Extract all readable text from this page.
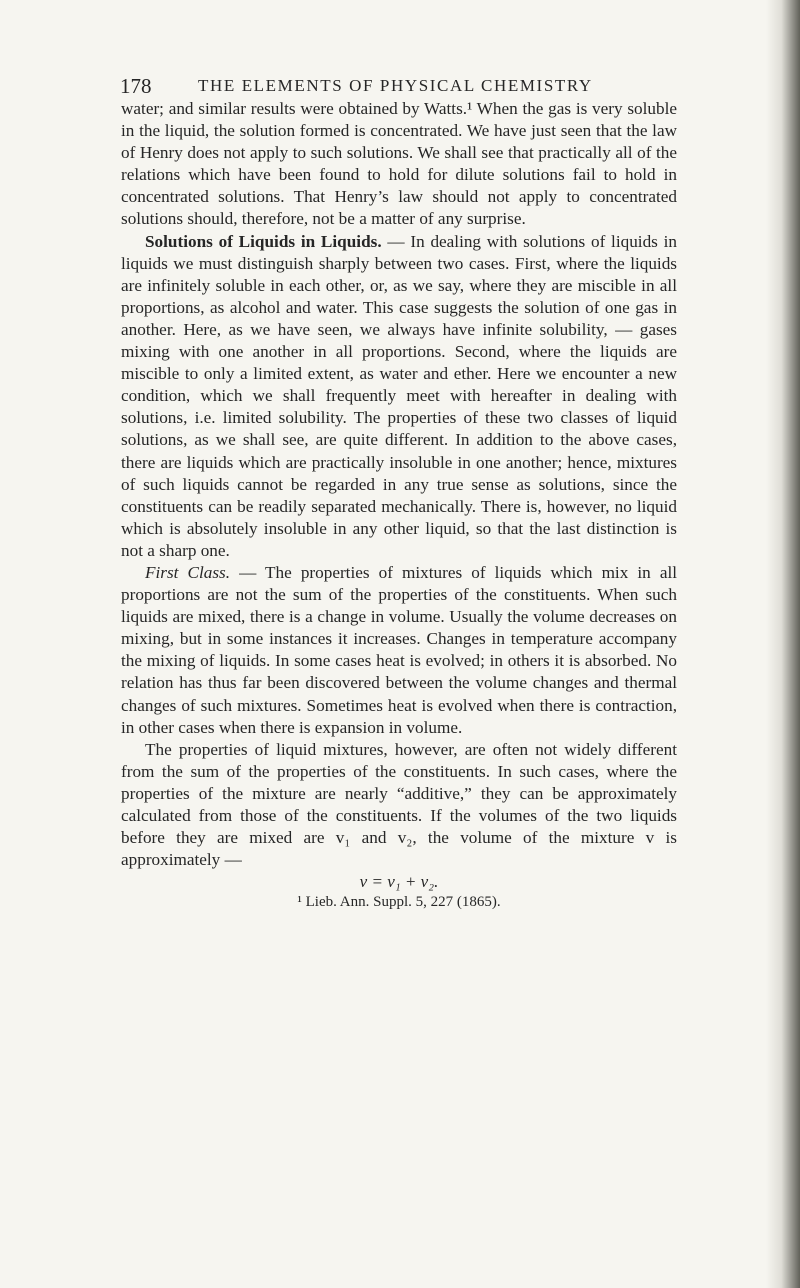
178	THE ELEMENTS OF PHYSICAL CHEMISTRY

water; and similar results were obtained by Watts.¹ When the gas is very soluble in the liquid, the solution formed is concentrated. We have just seen that the law of Henry does not apply to such solutions. We shall see that practically all of the relations which have been found to hold for dilute solutions fail to hold in concentrated solutions. That Henry’s law should not apply to concentrated solutions should, therefore, not be a matter of any surprise.

Solutions of Liquids in Liquids. — In dealing with solutions of liquids in liquids we must distinguish sharply between two cases. First, where the liquids are infinitely soluble in each other, or, as we say, where they are miscible in all proportions, as alcohol and water. This case suggests the solution of one gas in another. Here, as we have seen, we always have infinite solubility, — gases mixing with one another in all proportions. Second, where the liquids are miscible to only a limited extent, as water and ether. Here we encounter a new condition, which we shall frequently meet with hereafter in dealing with solutions, i.e. limited solubility. The properties of these two classes of liquid solutions, as we shall see, are quite different. In addition to the above cases, there are liquids which are practically insoluble in one another; hence, mixtures of such liquids cannot be regarded in any true sense as solutions, since the constituents can be readily separated mechanically. There is, however, no liquid which is absolutely insoluble in any other liquid, so that the last distinction is not a sharp one.

First Class. — The properties of mixtures of liquids which mix in all proportions are not the sum of the properties of the constituents. When such liquids are mixed, there is a change in volume. Usually the volume decreases on mixing, but in some instances it increases. Changes in temperature accompany the mixing of liquids. In some cases heat is evolved; in others it is absorbed. No relation has thus far been discovered between the volume changes and thermal changes of such mixtures. Sometimes heat is evolved when there is contraction, in other cases when there is expansion in volume.

The properties of liquid mixtures, however, are often not widely different from the sum of the properties of the constituents. In such cases, where the properties of the mixture are nearly “additive,” they can be approximately calculated from those of the constituents. If the volumes of the two liquids before they are mixed are v₁ and v₂, the volume of the mixture v is approximately —

v = v₁ + v₂.

¹ Lieb. Ann. Suppl. 5, 227 (1865).
